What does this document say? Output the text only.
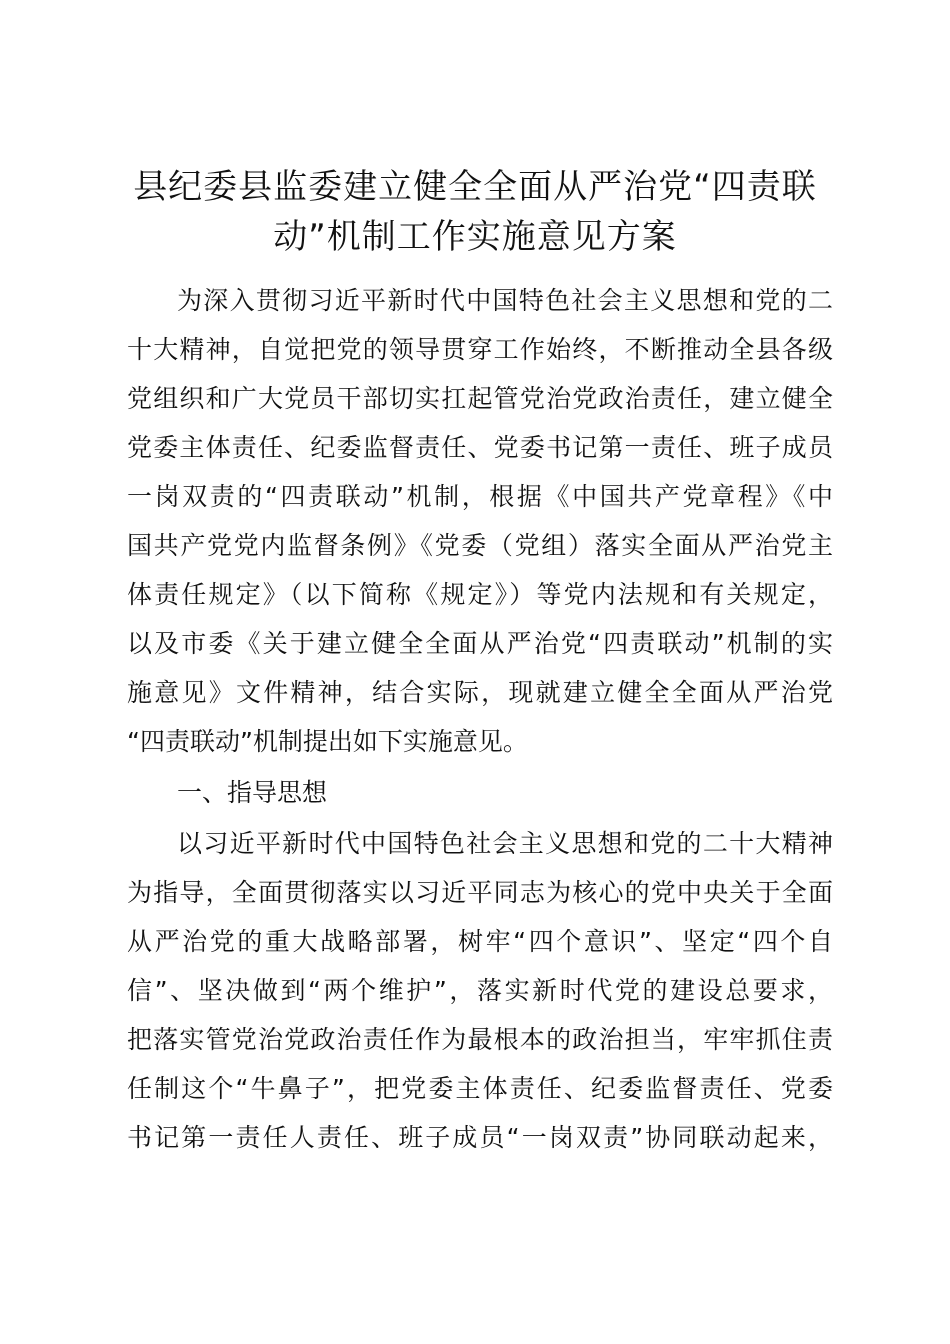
县纪委县监委建立健全全面从严治党“四责联
动”机制工作实施意见方案
为深入贯彻习近平新时代中国特色社会主义思想和党的二
十大精神，自觉把党的领导贯穿工作始终，不断推动全县各级
党组织和广大党员干部切实扛起管党治党政治责任，建立健全
党委主体责任、纪委监督责任、党委书记第一责任、班子成员
一岗双责的“四责联动”机制，根据《中国共产党章程》《中
国共产党党内监督条例》《党委（党组）落实全面从严治党主
体责任规定》（以下简称《规定》）等党内法规和有关规定，
以及市委《关于建立健全全面从严治党“四责联动”机制的实
施意见》文件精神，结合实际，现就建立健全全面从严治党
“四责联动”机制提出如下实施意见。
一、指导思想
以习近平新时代中国特色社会主义思想和党的二十大精神
为指导，全面贯彻落实以习近平同志为核心的党中央关于全面
从严治党的重大战略部署，树牢“四个意识”、坚定“四个自
信”、坚决做到“两个维护”，落实新时代党的建设总要求，
把落实管党治党政治责任作为最根本的政治担当，牢牢抓住责
任制这个“牛鼻子”，把党委主体责任、纪委监督责任、党委
书记第一责任人责任、班子成员“一岗双责”协同联动起来，
